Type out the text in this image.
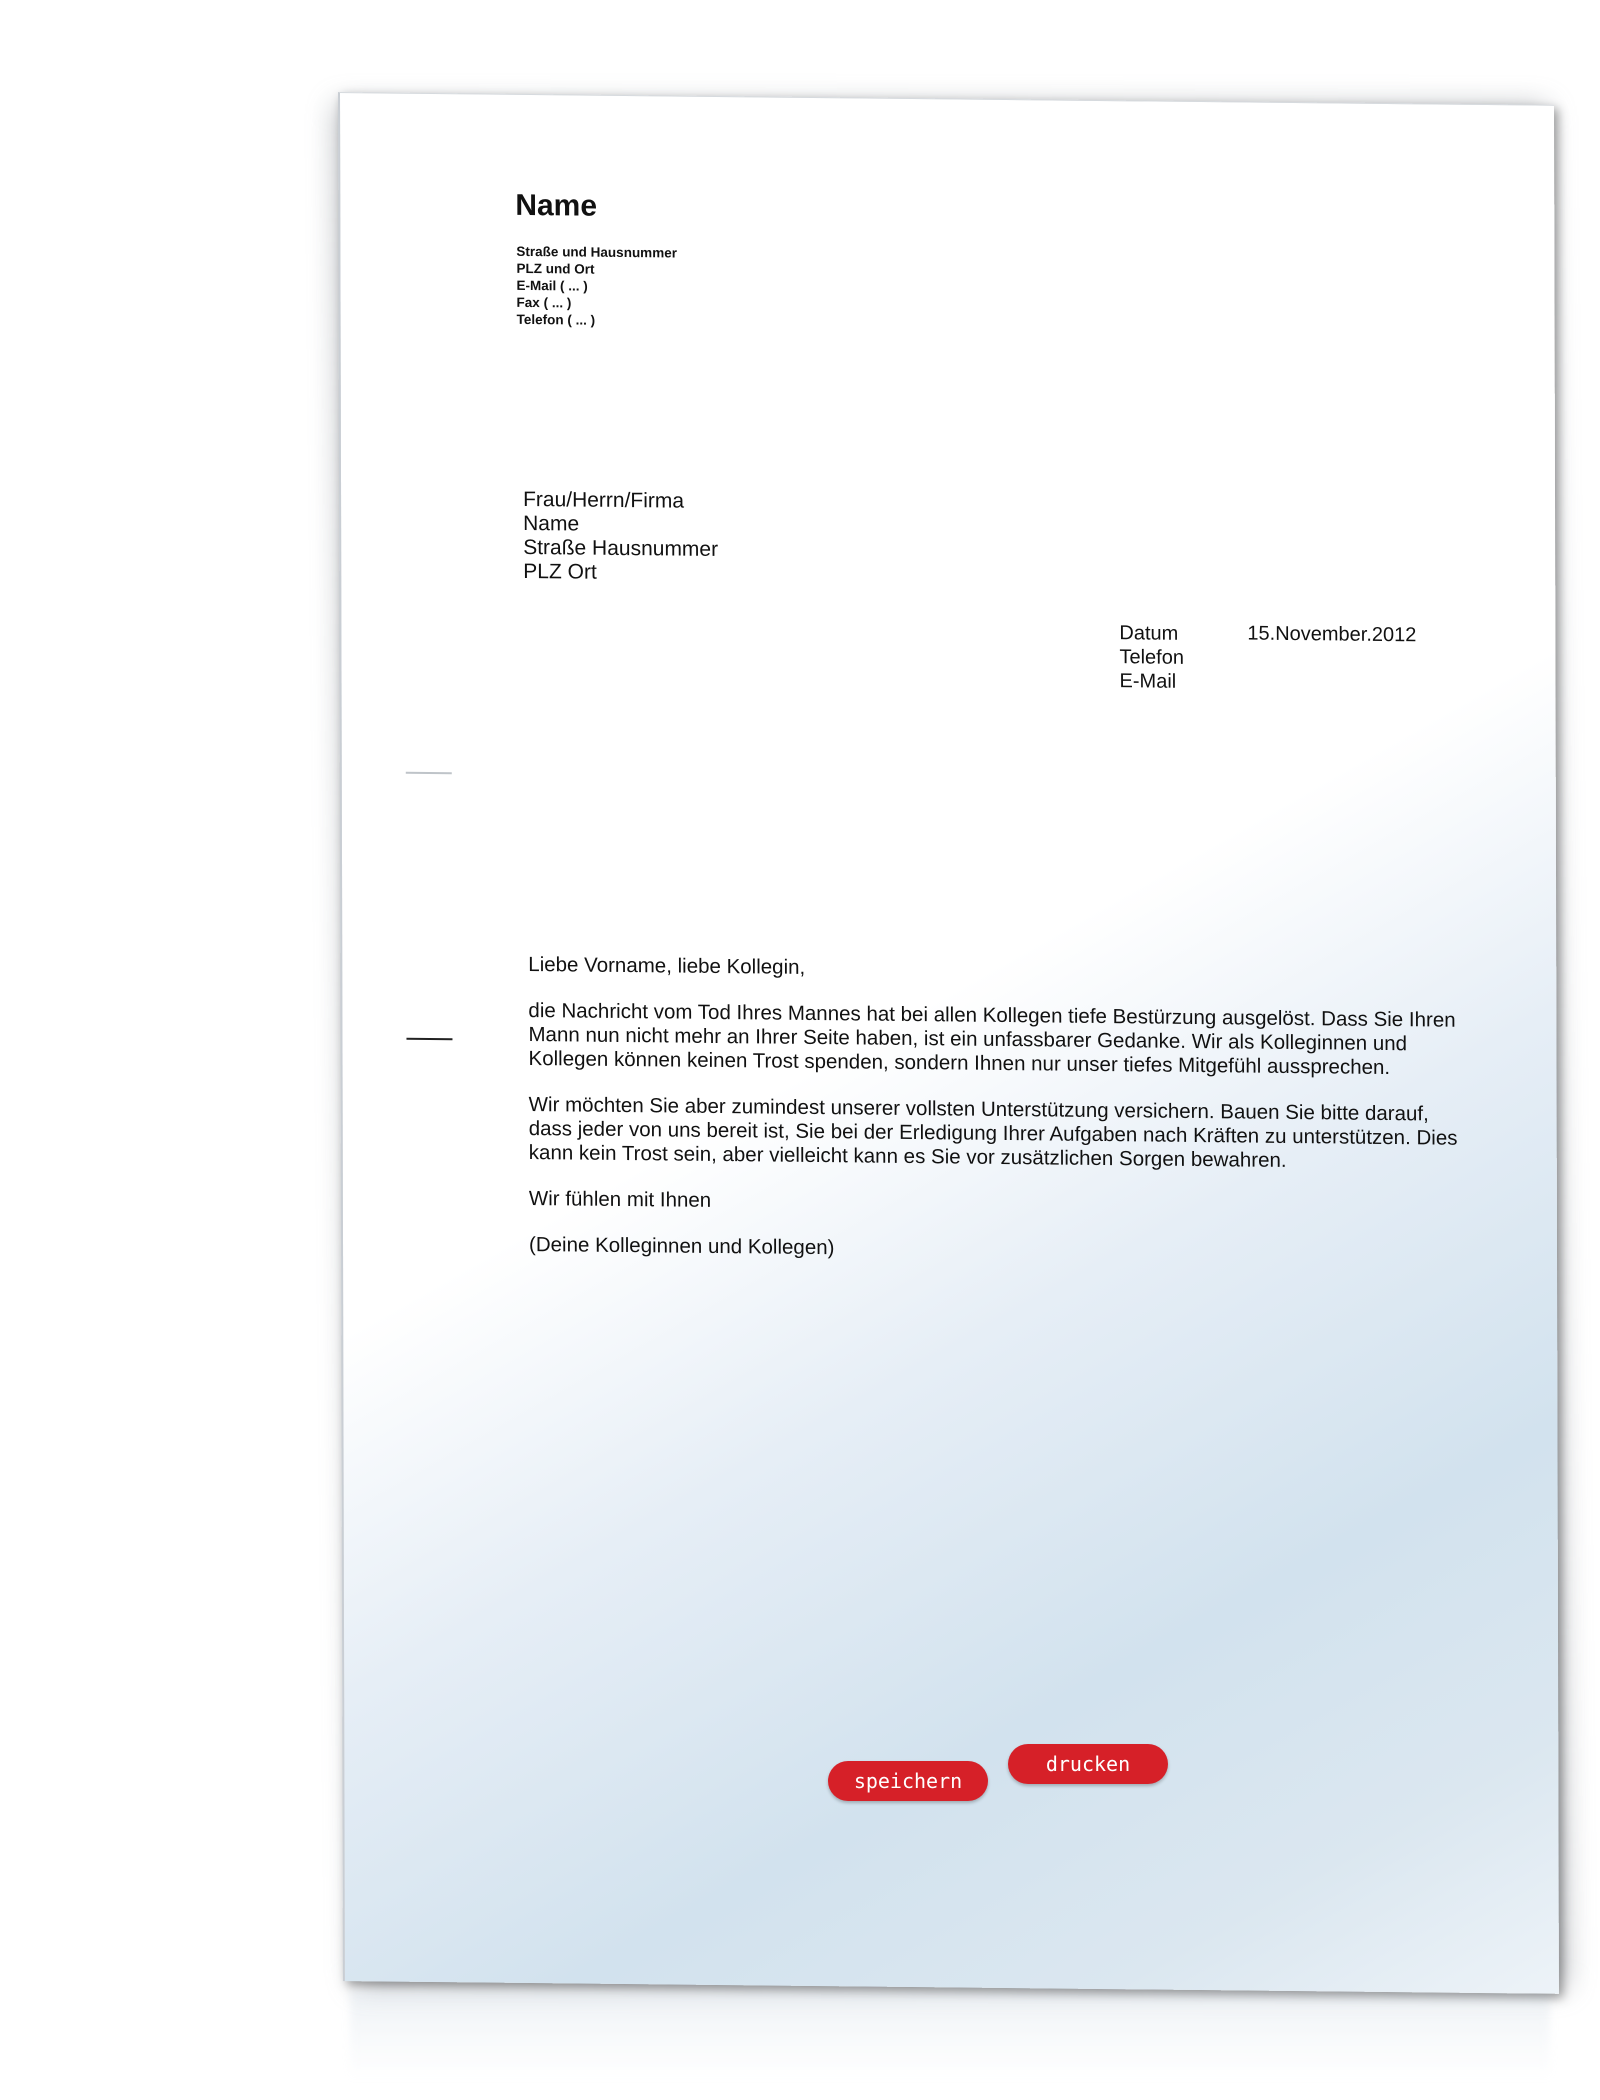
Name
Straße und Hausnummer
PLZ und Ort
E-Mail ( ... )
Fax ( ... )
Telefon ( ... )
Frau/Herrn/Firma
Name
Straße Hausnummer
PLZ Ort
Datum
Telefon
E-Mail
15.November.2012

Liebe Vorname, liebe Kollegin,

die Nachricht vom Tod Ihres Mannes hat bei allen Kollegen tiefe Bestürzung ausgelöst. Dass Sie Ihren Mann nun nicht mehr an Ihrer Seite haben, ist ein unfassbarer Gedanke. Wir als Kolleginnen und Kollegen können keinen Trost spenden, sondern Ihnen nur unser tiefes Mitgefühl aussprechen.

Wir möchten Sie aber zumindest unserer vollsten Unterstützung versichern. Bauen Sie bitte darauf, dass jeder von uns bereit ist, Sie bei der Erledigung Ihrer Aufgaben nach Kräften zu unterstützen. Dies kann kein Trost sein, aber vielleicht kann es Sie vor zusätzlichen Sorgen bewahren.

Wir fühlen mit Ihnen

(Deine Kolleginnen und Kollegen)

speichern
drucken
